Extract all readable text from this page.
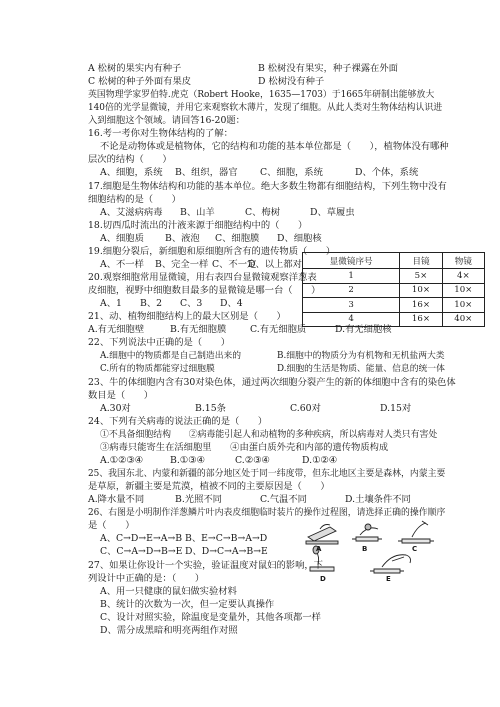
A 松树的果实内有种子	B 松树没有果实，种子裸露在外面
C 松树的种子外面有果皮	D 松树没有种子
英国物理学家罗伯特.虎克（Robert Hooke，1635—1703）于1665年研制出能够放大
140倍的光学显微镜，并用它来观察软木薄片，发现了细胞。从此人类对生物体结构认识进
入到细胞这个领域。请回答16-20题：
16.考一考你对生物体结构的了解：
不论是动物体或是植物体，它的结构和功能的基本单位都是（　　），植物体没有哪种
层次的结构（　　）
A、细胞，系统 B、组织，器官 C、细胞，系统	D、个体，系统
17.细胞是生物体结构和功能的基本单位。绝大多数生物都有细胞结构，下列生物中没有
细胞结构的是（　　）
A、艾滋病病毒 B、山羊	C、梅树	D、草履虫
18.切西瓜时流出的汁液来源于细胞结构中的（　　）
A、细胞质 B、液泡 C、细胞膜 D、细胞核
19.细胞分裂后，新细胞和原细胞所含有的遗传物质（　　）
A、不一样 B、完全一样 C、不一定
D、以上都对
20.观察细胞常用显微镜，用右表四台显微镜观察洋葱表
皮细胞，视野中细胞数目最多的显微镜是哪一台（　　）
A、1 B、2 C、3 D、4
显微镜序号	目镜	物镜
1	5×	4×
2	10×	10×
3	16×	10×
4	16×	40×
21、动、植物细胞结构上的最大区别是（　　）
A.有无细胞壁	B.有无细胞膜	C.有无细胞质	D.有无细胞核
22、下列说法中正确的是（　　）
A.细胞中的物质都是自己制造出来的	B.细胞中的物质分为有机物和无机盐两大类
C.所有的物质都能穿过细胞膜	D.细胞的生活是物质、能量、信息的统一体
23、牛的体细胞内含有30对染色体，通过两次细胞分裂产生的新的体细胞中含有的染色体
数目是（　　）
A.30对	B.15条	C.60对	D.15对
24、下列有关病毒的说法正确的是（　　）
①不具备细胞结构　　②病毒能引起人和动植物的多种疾病，所以病毒对人类只有害处
③病毒只能寄生在活细胞里　　④由蛋白质外壳和内部的遗传物质构成
A.①②③④	B.①③④	C.②③④	D.①②④
25、我国东北、内蒙和新疆的部分地区处于同一纬度带，但东北地区主要是森林，内蒙主要
是草原，新疆主要是荒漠，植被不同的主要原因是（　　）
A.降水量不同	B.光照不同	C.气温不同	D.土壤条件不同
26、右图是小明制作洋葱鳞片叶内表皮细胞临时装片的操作过程图，请选择正确的操作顺序
是（　　）
A、C→D→E→A→B B、E→C→B→A→D
C、C→A→D→B→E D、D→C→A→B→E	A	B	C
D	E
27、如果让你设计一个实验，验证温度对鼠妇的影响，下
列设计中正确的是：（　　）
A、用一只健康的鼠妇做实验材料
B、统计的次数为一次，但一定要认真操作
C、设计对照实验，除温度是变量外，其他各项都一样
D、需分成黑暗和明亮两组作对照
